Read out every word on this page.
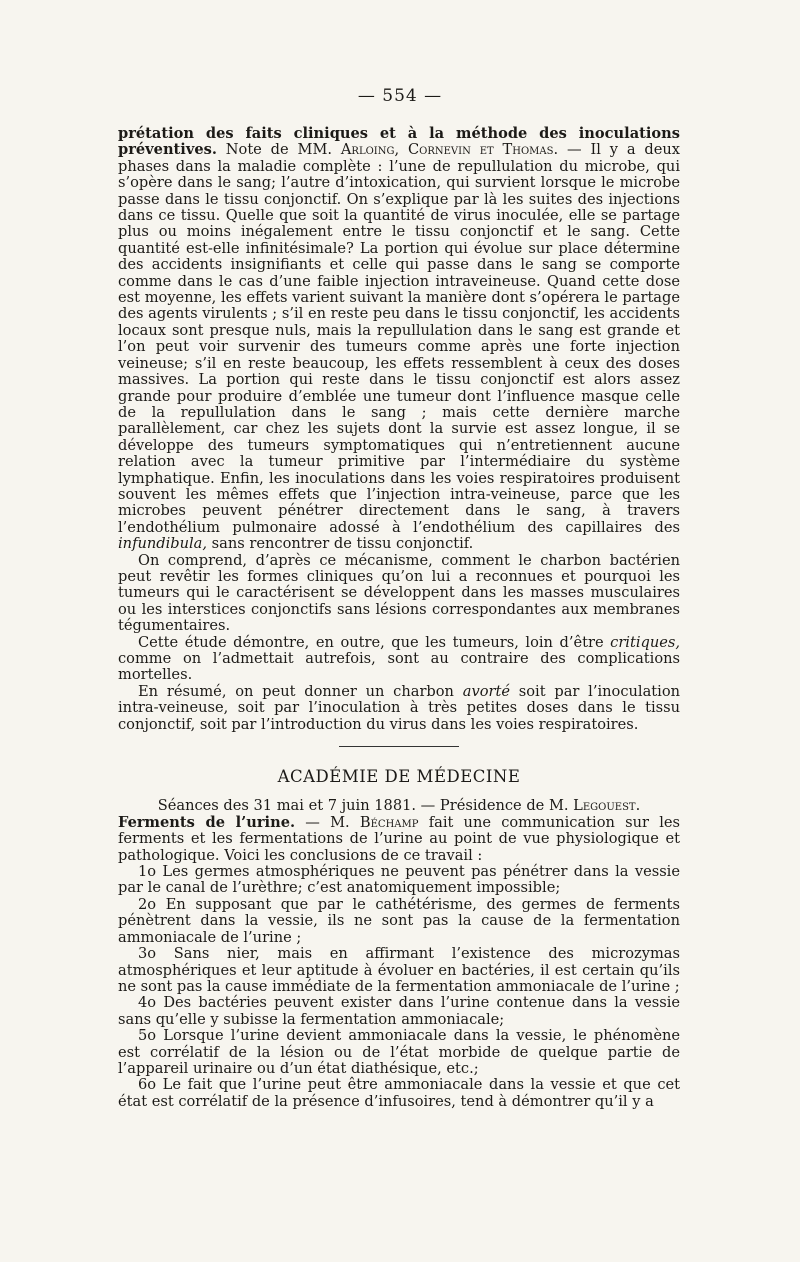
— 554 —

prétation des faits cliniques et à la méthode des inoculations préventives. Note de MM. Arloing, Cornevin et Thomas. — Il y a deux phases dans la maladie complète : l’une de repullulation du microbe, qui s’opère dans le sang; l’autre d’intoxication, qui survient lorsque le microbe passe dans le tissu conjonctif. On s’explique par là les suites des injections dans ce tissu. Quelle que soit la quantité de virus inoculée, elle se partage plus ou moins inégalement entre le tissu conjonctif et le sang. Cette quantité est-elle infinitésimale? La portion qui évolue sur place détermine des accidents insignifiants et celle qui passe dans le sang se comporte comme dans le cas d’une faible injection intraveineuse. Quand cette dose est moyenne, les effets varient suivant la manière dont s’opérera le partage des agents virulents ; s’il en reste peu dans le tissu conjonctif, les accidents locaux sont presque nuls, mais la repullulation dans le sang est grande et l’on peut voir survenir des tumeurs comme après une forte injection veineuse; s’il en reste beaucoup, les effets ressemblent à ceux des doses massives. La portion qui reste dans le tissu conjonctif est alors assez grande pour produire d’emblée une tumeur dont l’influence masque celle de la repullulation dans le sang ; mais cette dernière marche parallèlement, car chez les sujets dont la survie est assez longue, il se développe des tumeurs symptomatiques qui n’entretiennent aucune relation avec la tumeur primitive par l’intermédiaire du système lymphatique. Enfin, les inoculations dans les voies respiratoires produisent souvent les mêmes effets que l’injection intra-veineuse, parce que les microbes peuvent pénétrer directement dans le sang, à travers l’endothélium pulmonaire adossé à l’endothélium des capillaires des infundibula, sans rencontrer de tissu conjonctif.

On comprend, d’après ce mécanisme, comment le charbon bactérien peut revêtir les formes cliniques qu’on lui a reconnues et pourquoi les tumeurs qui le caractérisent se développent dans les masses musculaires ou les interstices conjonctifs sans lésions correspondantes aux membranes tégumentaires.

Cette étude démontre, en outre, que les tumeurs, loin d’être critiques, comme on l’admettait autrefois, sont au contraire des complications mortelles.

En résumé, on peut donner un charbon avorté soit par l’inoculation intra-veineuse, soit par l’inoculation à très petites doses dans le tissu conjonctif, soit par l’introduction du virus dans les voies respiratoires.

ACADÉMIE DE MÉDECINE

Séances des 31 mai et 7 juin 1881. — Présidence de M. Legouest.

Ferments de l’urine. — M. Béchamp fait une communication sur les ferments et les fermentations de l’urine au point de vue physiologique et pathologique. Voici les conclusions de ce travail :

1o Les germes atmosphériques ne peuvent pas pénétrer dans la vessie par le canal de l’urèthre; c’est anatomiquement impossible;

2o En supposant que par le cathétérisme, des germes de ferments pénètrent dans la vessie, ils ne sont pas la cause de la fermentation ammoniacale de l’urine ;

3o Sans nier, mais en affirmant l’existence des microzymas atmosphériques et leur aptitude à évoluer en bactéries, il est certain qu’ils ne sont pas la cause immédiate de la fermentation ammoniacale de l’urine ;

4o Des bactéries peuvent exister dans l’urine contenue dans la vessie sans qu’elle y subisse la fermentation ammoniacale;

5o Lorsque l’urine devient ammoniacale dans la vessie, le phénomène est corrélatif de la lésion ou de l’état morbide de quelque partie de l’appareil urinaire ou d’un état diathésique, etc.;

6o Le fait que l’urine peut être ammoniacale dans la vessie et que cet état est corrélatif de la présence d’infusoires, tend à démontrer qu’il y a
